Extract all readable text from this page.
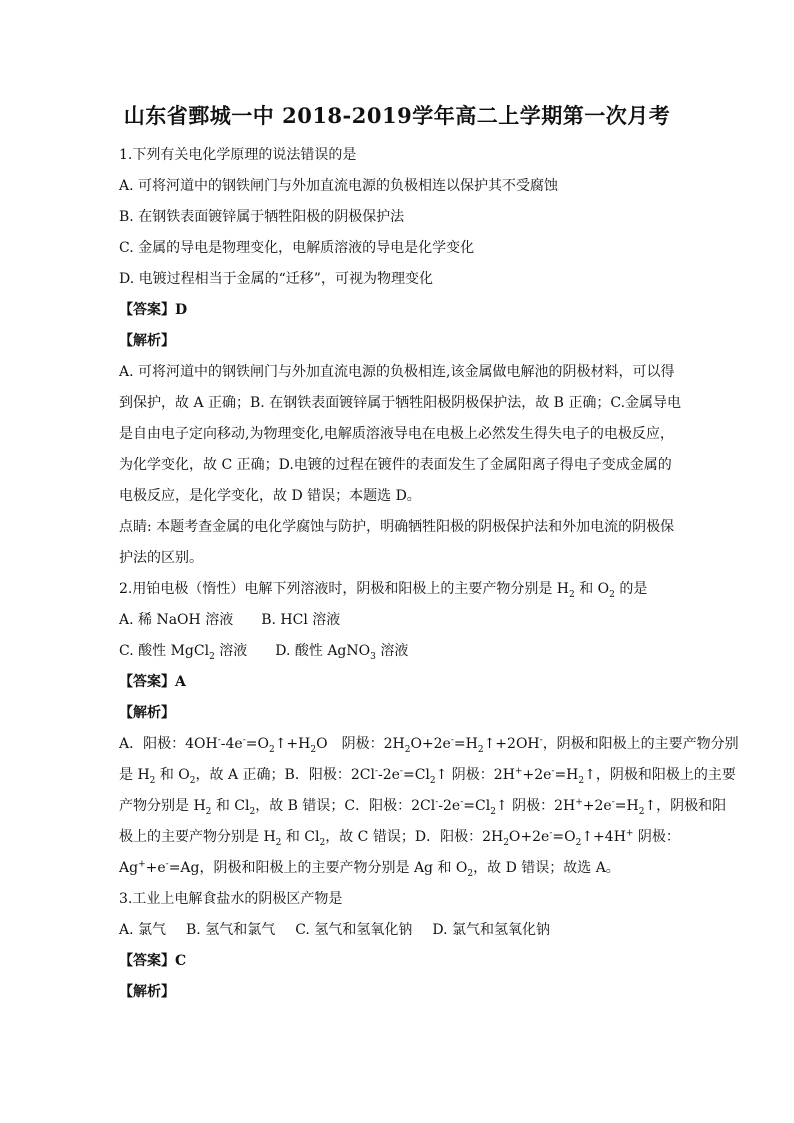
山东省鄄城一中 2018-2019学年高二上学期第一次月考
1.下列有关电化学原理的说法错误的是
A. 可将河道中的钢铁闸门与外加直流电源的负极相连以保护其不受腐蚀
B. 在钢铁表面镀锌属于牺牲阳极的阴极保护法
C. 金属的导电是物理变化，电解质溶液的导电是化学变化
D. 电镀过程相当于金属的“迁移”，可视为物理变化
【答案】D
【解析】
A. 可将河道中的钢铁闸门与外加直流电源的负极相连,该金属做电解池的阴极材料，可以得
到保护，故 A 正确；B. 在钢铁表面镀锌属于牺牲阳极阴极保护法，故 B 正确；C.金属导电
是自由电子定向移动,为物理变化,电解质溶液导电在电极上必然发生得失电子的电极反应，
为化学变化，故 C 正确；D.电镀的过程在镀件的表面发生了金属阳离子得电子变成金属的
电极反应，是化学变化，故 D 错误；本题选 D。
点睛: 本题考查金属的电化学腐蚀与防护，明确牺牲阳极的阴极保护法和外加电流的阴极保
护法的区别。
2.用铂电极（惰性）电解下列溶液时，阴极和阳极上的主要产物分别是 $H_2$ 和 $O_2$ 的是
A. 稀 NaOH 溶液 B. HCl 溶液
C. 酸性 MgCl$_2$ 溶液 D. 酸性 AgNO$_3$ 溶液
【答案】A
【解析】
A．阳极：$4OH^--4e^-=O_2↑+H_2O$　阴极：$2H_2O+2e^-=H_2↑+2OH^-$，阴极和阳极上的主要产物分别
是 $H_2$ 和 $O_2$，故 A 正确；B．阳极：$2Cl^--2e^-=Cl_2↑$ 阴极：$2H^++2e^-=H_2↑$，阴极和阳极上的主要
产物分别是 $H_2$ 和 $Cl_2$，故 B 错误；C．阳极：$2Cl^--2e^-=Cl_2↑$ 阴极：$2H^++2e^-=H_2↑$，阴极和阳
极上的主要产物分别是 $H_2$ 和 $Cl_2$，故 C 错误；D．阳极：$2H_2O+2e^-=O_2↑+4H^+$ 阴极：
Ag++e-=Ag，阴极和阳极上的主要产物分别是 Ag 和 $O_2$，故 D 错误；故选 A。
3.工业上电解食盐水的阴极区产物是
A. 氯气 B. 氢气和氯气 C. 氢气和氢氧化钠 D. 氯气和氢氧化钠
【答案】C
【解析】
